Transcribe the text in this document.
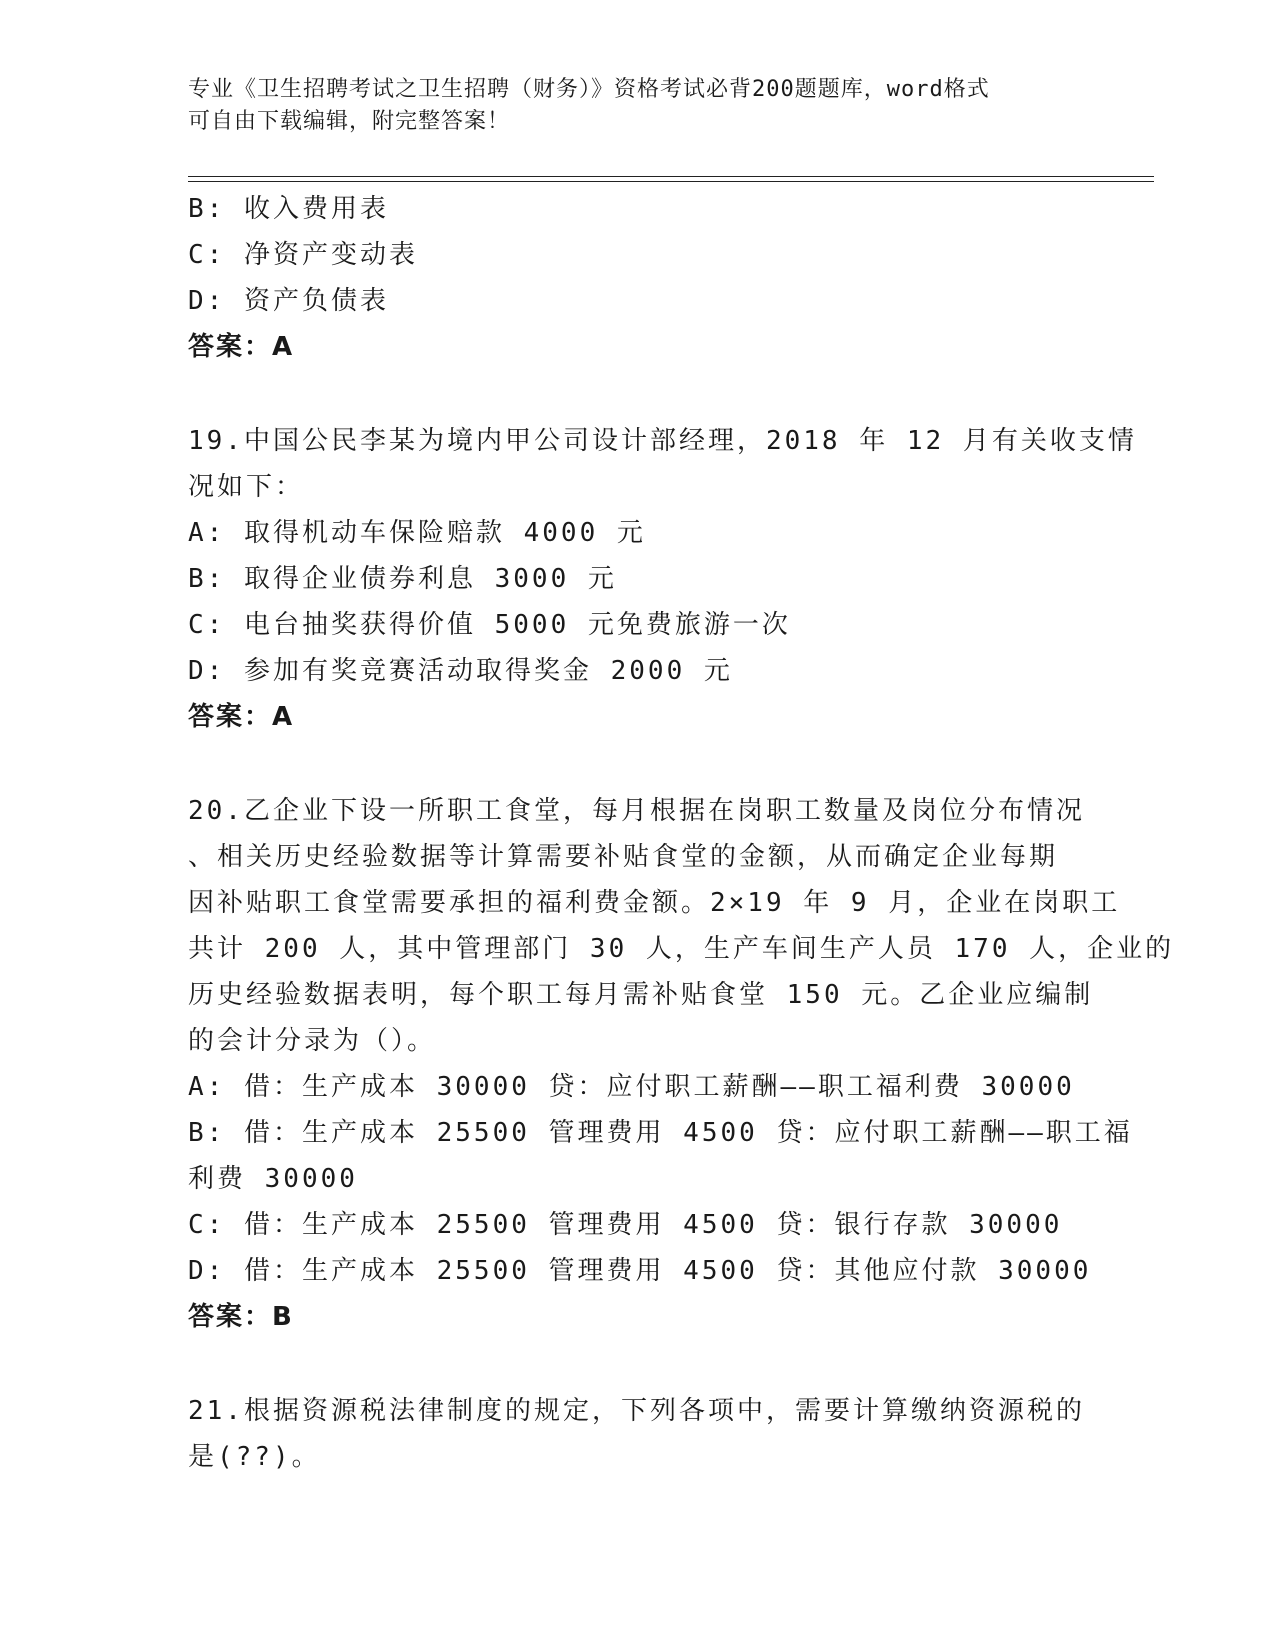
专业《卫生招聘考试之卫生招聘（财务）》资格考试必背200题题库，word格式
可自由下载编辑，附完整答案！
B: 收入费用表
C: 净资产变动表
D: 资产负债表
答案：A
19.中国公民李某为境内甲公司设计部经理，2018 年 12 月有关收支情
况如下：
A: 取得机动车保险赔款 4000 元
B: 取得企业债券利息 3000 元
C: 电台抽奖获得价值 5000 元免费旅游一次
D: 参加有奖竞赛活动取得奖金 2000 元
答案：A
20.乙企业下设一所职工食堂，每月根据在岗职工数量及岗位分布情况
、相关历史经验数据等计算需要补贴食堂的金额，从而确定企业每期
因补贴职工食堂需要承担的福利费金额。2×19 年 9 月，企业在岗职工
共计 200 人，其中管理部门 30 人，生产车间生产人员 170 人，企业的
历史经验数据表明，每个职工每月需补贴食堂 150 元。乙企业应编制
的会计分录为（）。
A: 借：生产成本 30000 贷：应付职工薪酬——职工福利费 30000
B: 借：生产成本 25500 管理费用 4500 贷：应付职工薪酬——职工福
利费 30000
C: 借：生产成本 25500 管理费用 4500 贷：银行存款 30000
D: 借：生产成本 25500 管理费用 4500 贷：其他应付款 30000
答案：B
21.根据资源税法律制度的规定，下列各项中，需要计算缴纳资源税的
是(??)。
